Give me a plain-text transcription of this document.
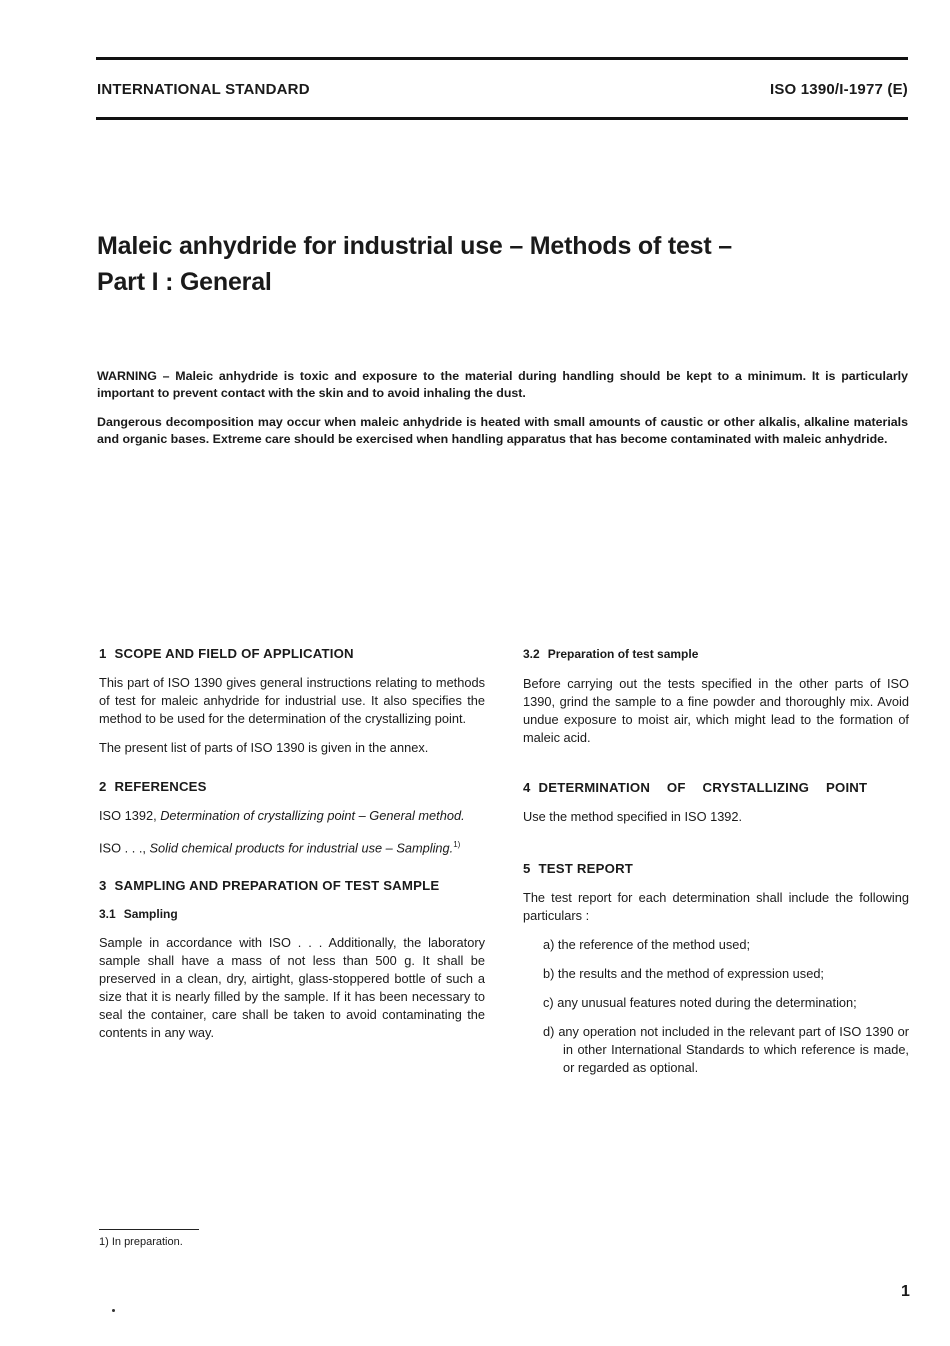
INTERNATIONAL STANDARD	ISO 1390/I-1977 (E)
Maleic anhydride for industrial use – Methods of test –
Part I : General

WARNING – Maleic anhydride is toxic and exposure to the material during handling should be kept to a minimum. It is particularly important to prevent contact with the skin and to avoid inhaling the dust.

Dangerous decomposition may occur when maleic anhydride is heated with small amounts of caustic or other alkalis, alkaline materials and organic bases. Extreme care should be exercised when handling apparatus that has become contaminated with maleic anhydride.

1 SCOPE AND FIELD OF APPLICATION

This part of ISO 1390 gives general instructions relating to methods of test for maleic anhydride for industrial use. It also specifies the method to be used for the determination of the crystallizing point.

The present list of parts of ISO 1390 is given in the annex.

2 REFERENCES

ISO 1392, Determination of crystallizing point – General method.

ISO . . ., Solid chemical products for industrial use – Sampling.$^{1)}$

3 SAMPLING AND PREPARATION OF TEST SAMPLE
3.1 Sampling

Sample in accordance with ISO . . . Additionally, the laboratory sample shall have a mass of not less than 500 g. It shall be preserved in a clean, dry, airtight, glass-stoppered bottle of such a size that it is nearly filled by the sample. If it has been necessary to seal the container, care shall be taken to avoid contaminating the contents in any way.

3.2 Preparation of test sample

Before carrying out the tests specified in the other parts of ISO 1390, grind the sample to a fine powder and thoroughly mix. Avoid undue exposure to moist air, which might lead to the formation of maleic acid.

4 DETERMINATION OF CRYSTALLIZING POINT

Use the method specified in ISO 1392.

5 TEST REPORT

The test report for each determination shall include the following particulars :

a) the reference of the method used;

b) the results and the method of expression used;

c) any unusual features noted during the determination;

d) any operation not included in the relevant part of ISO 1390 or in other International Standards to which reference is made, or regarded as optional.

1) In preparation.
1
